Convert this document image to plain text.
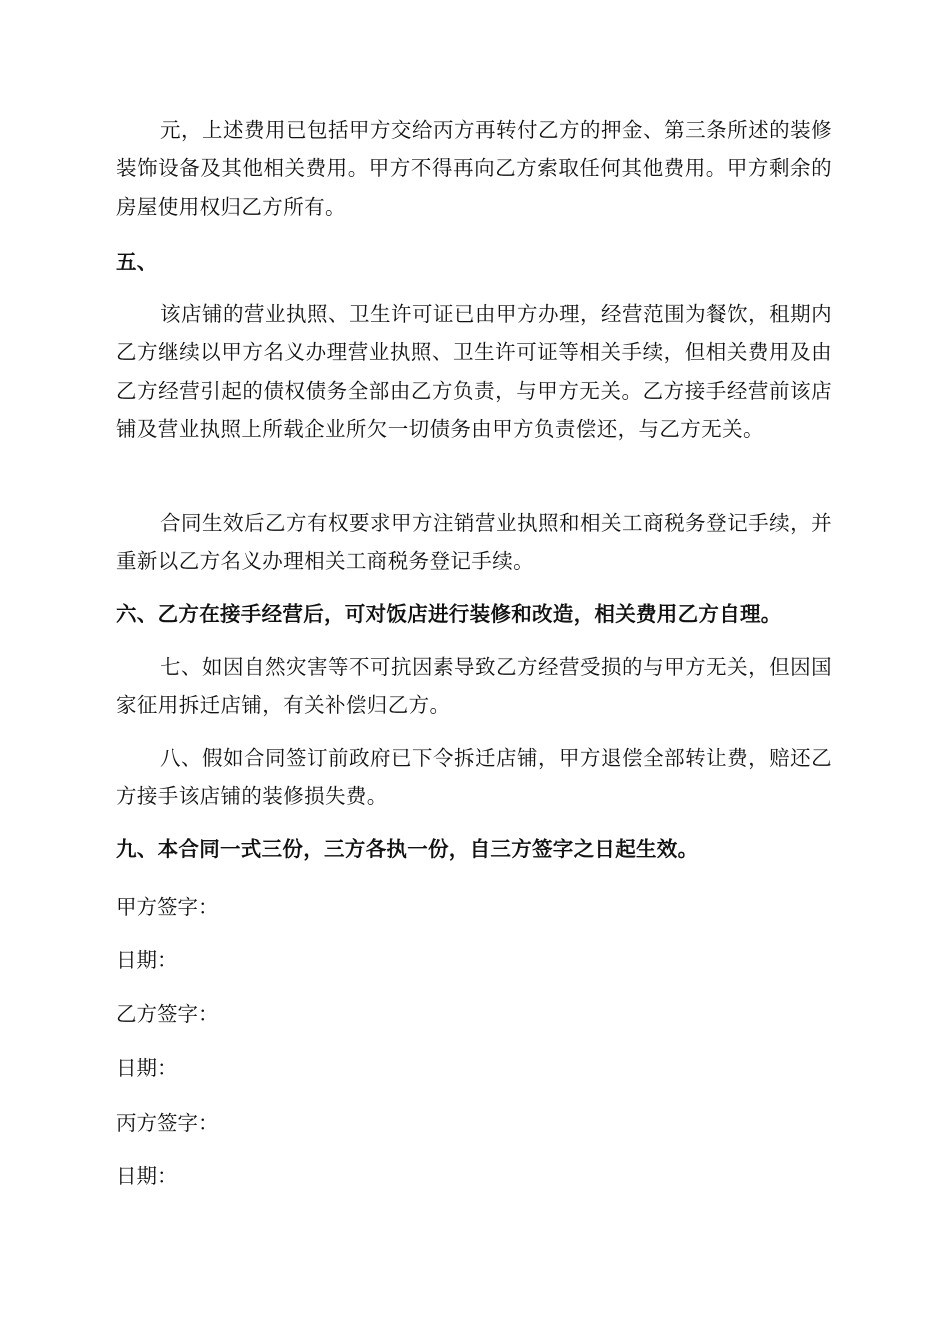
元，上述费用已包括甲方交给丙方再转付乙方的押金、第三条所述的装修装饰设备及其他相关费用。甲方不得再向乙方索取任何其他费用。甲方剩余的房屋使用权归乙方所有。

五、

该店铺的营业执照、卫生许可证已由甲方办理，经营范围为餐饮，租期内乙方继续以甲方名义办理营业执照、卫生许可证等相关手续，但相关费用及由乙方经营引起的债权债务全部由乙方负责，与甲方无关。乙方接手经营前该店铺及营业执照上所载企业所欠一切债务由甲方负责偿还，与乙方无关。

合同生效后乙方有权要求甲方注销营业执照和相关工商税务登记手续，并重新以乙方名义办理相关工商税务登记手续。

六、乙方在接手经营后，可对饭店进行装修和改造，相关费用乙方自理。

七、如因自然灾害等不可抗因素导致乙方经营受损的与甲方无关，但因国家征用拆迁店铺，有关补偿归乙方。

八、假如合同签订前政府已下令拆迁店铺，甲方退偿全部转让费，赔还乙方接手该店铺的装修损失费。

九、本合同一式三份，三方各执一份，自三方签字之日起生效。

甲方签字：

日期：

乙方签字：

日期：

丙方签字：

日期：
